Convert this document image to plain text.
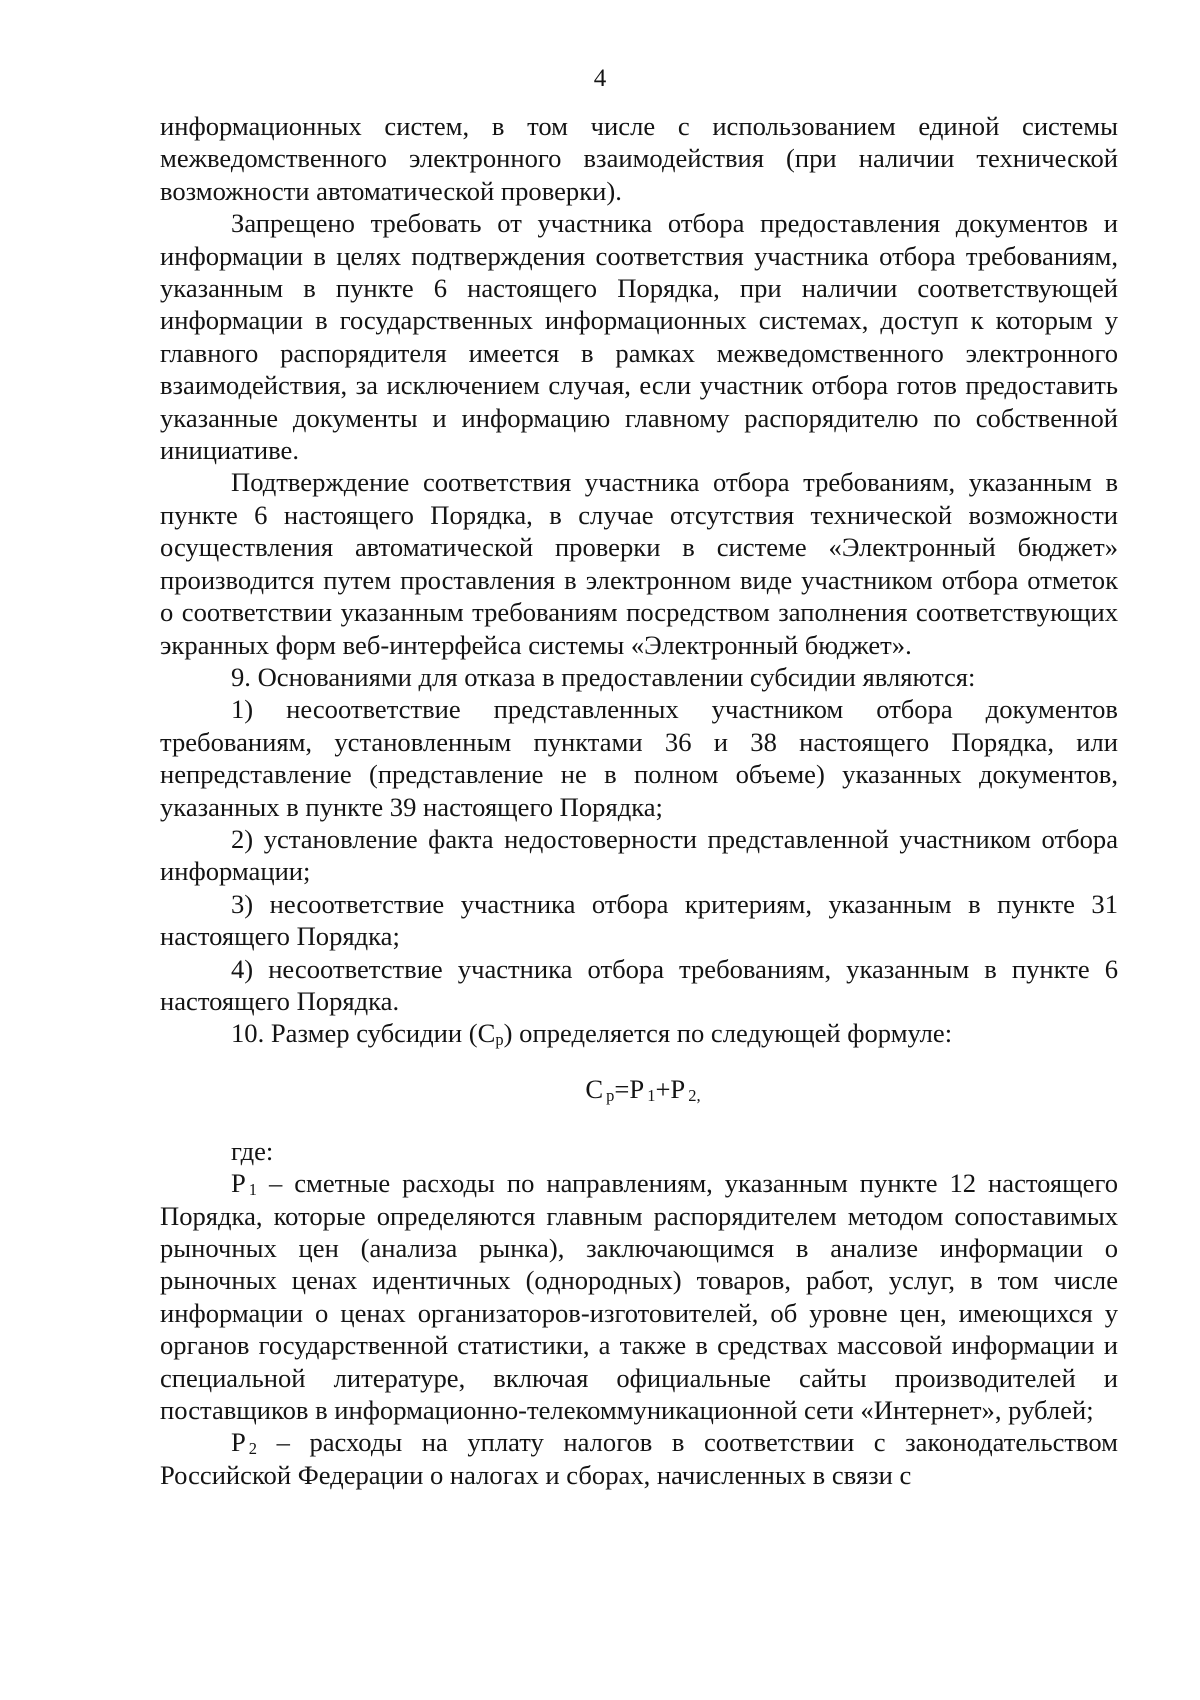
4

информационных систем, в том числе с использованием единой системы межведомственного электронного взаимодействия (при наличии технической возможности автоматической проверки).

Запрещено требовать от участника отбора предоставления документов и информации в целях подтверждения соответствия участника отбора требованиям, указанным в пункте 6 настоящего Порядка, при наличии соответствующей информации в государственных информационных системах, доступ к которым у главного распорядителя имеется в рамках межведомственного электронного взаимодействия, за исключением случая, если участник отбора готов предоставить указанные документы и информацию главному распорядителю по собственной инициативе.

Подтверждение соответствия участника отбора требованиям, указанным в пункте 6 настоящего Порядка, в случае отсутствия технической возможности осуществления автоматической проверки в системе «Электронный бюджет» производится путем проставления в электронном виде участником отбора отметок о соответствии указанным требованиям посредством заполнения соответствующих экранных форм веб-интерфейса системы «Электронный бюджет».

9. Основаниями для отказа в предоставлении субсидии являются:

1) несоответствие представленных участником отбора документов требованиям, установленным пунктами 36 и 38 настоящего Порядка, или непредставление (представление не в полном объеме) указанных документов, указанных в пункте 39 настоящего Порядка;

2) установление факта недостоверности представленной участником отбора информации;

3) несоответствие участника отбора критериям, указанным в пункте 31 настоящего Порядка;

4) несоответствие участника отбора требованиям, указанным в пункте 6 настоящего Порядка.

10. Размер субсидии $(С_р)$ определяется по следующей формуле:

С $_р$=Р $_1$+Р $_{2,}$

где:

Р $_1$ – сметные расходы по направлениям, указанным пункте 12 настоящего Порядка, которые определяются главным распорядителем методом сопоставимых рыночных цен (анализа рынка), заключающимся в анализе информации о рыночных ценах идентичных (однородных) товаров, работ, услуг, в том числе информации о ценах организаторов-изготовителей, об уровне цен, имеющихся у органов государственной статистики, а также в средствах массовой информации и специальной литературе, включая официальные сайты производителей и поставщиков в информационно-телекоммуникационной сети «Интернет», рублей;

Р $_2$ – расходы на уплату налогов в соответствии с законодательством Российской Федерации о налогах и сборах, начисленных в связи с
